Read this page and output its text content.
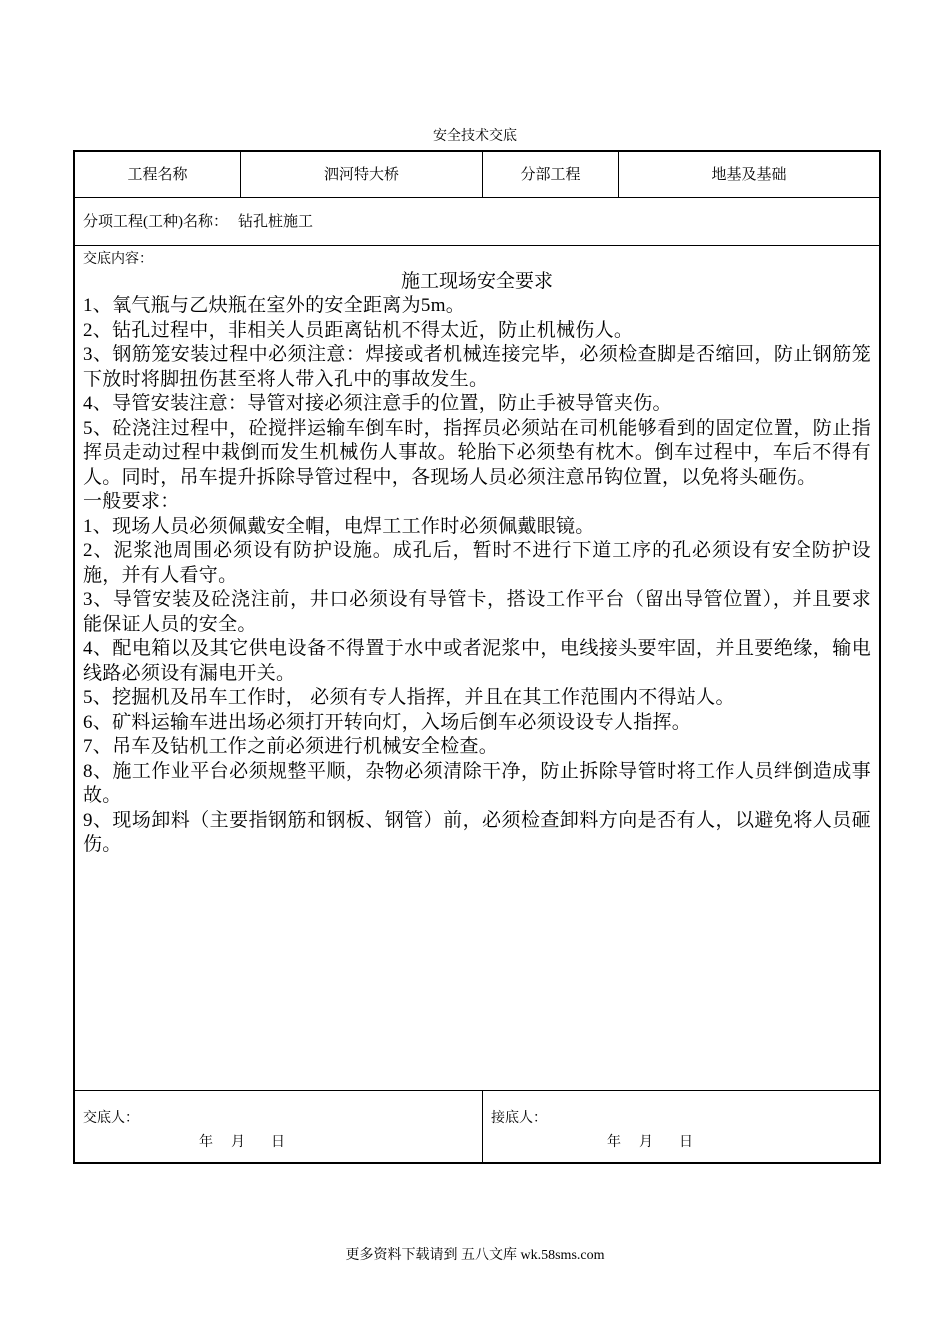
安全技术交底
工程名称	泗河特大桥	分部工程	地基及基础
分项工程(工种)名称： 钻孔桩施工
交底内容：
施工现场安全要求
1、氧气瓶与乙炔瓶在室外的安全距离为5m。
2、钻孔过程中，非相关人员距离钻机不得太近，防止机械伤人。
3、钢筋笼安装过程中必须注意：焊接或者机械连接完毕，必须检查脚是否缩回，防止钢筋笼下放时将脚扭伤甚至将人带入孔中的事故发生。
4、导管安装注意：导管对接必须注意手的位置，防止手被导管夹伤。
5、砼浇注过程中，砼搅拌运输车倒车时，指挥员必须站在司机能够看到的固定位置，防止指挥员走动过程中栽倒而发生机械伤人事故。轮胎下必须垫有枕木。倒车过程中，车后不得有人。同时，吊车提升拆除导管过程中，各现场人员必须注意吊钩位置，以免将头砸伤。
一般要求：
1、现场人员必须佩戴安全帽，电焊工工作时必须佩戴眼镜。
2、泥浆池周围必须设有防护设施。成孔后，暂时不进行下道工序的孔必须设有安全防护设施，并有人看守。
3、导管安装及砼浇注前，井口必须设有导管卡，搭设工作平台（留出导管位置），并且要求能保证人员的安全。
4、配电箱以及其它供电设备不得置于水中或者泥浆中，电线接头要牢固，并且要绝缘，输电线路必须设有漏电开关。
5、挖掘机及吊车工作时， 必须有专人指挥，并且在其工作范围内不得站人。
6、矿料运输车进出场必须打开转向灯，入场后倒车必须设设专人指挥。
7、吊车及钻机工作之前必须进行机械安全检查。
8、施工作业平台必须规整平顺，杂物必须清除干净，防止拆除导管时将工作人员绊倒造成事故。
9、现场卸料（主要指钢筋和钢板、钢管）前，必须检查卸料方向是否有人，以避免将人员砸伤。
交底人：
年 月 日
接底人：
年 月 日
更多资料下载请到 五八文库 wk.58sms.com
